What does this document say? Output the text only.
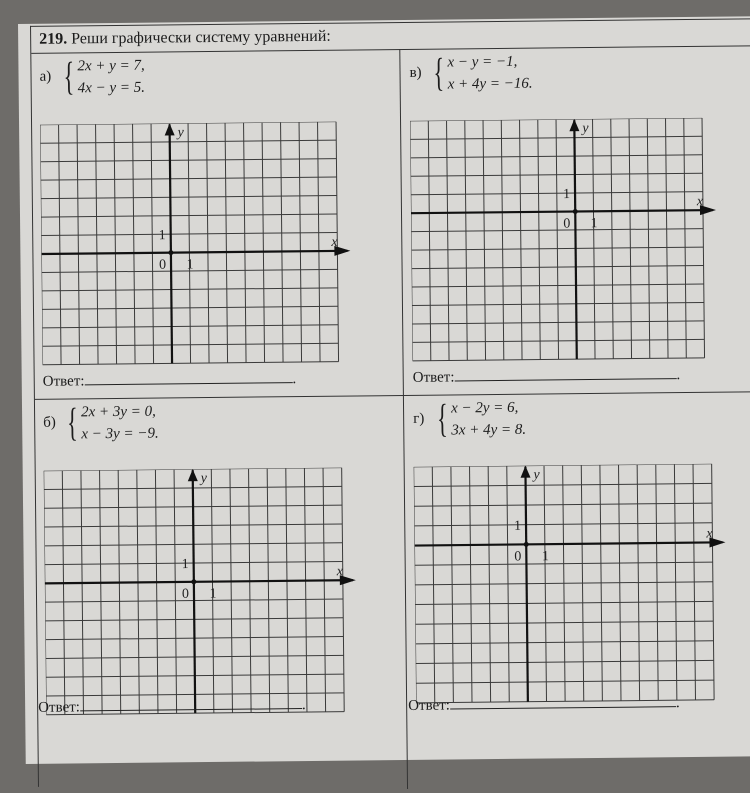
219. Реши графически систему уравнений:
а) { 2x + y = 7,
4x − y = 5.
x
y
0 1
1
Ответ:	.
в) { x − y = −1,
x + 4y = −16.
x
y
0 1
1
Ответ:	.
б) { 2x + 3y = 0,
x − 3y = −9.
x
y
0 1
1
Ответ:	.
г) { x − 2y = 6,
3x + 4y = 8.
x
y
0 1
1
Ответ:	.
